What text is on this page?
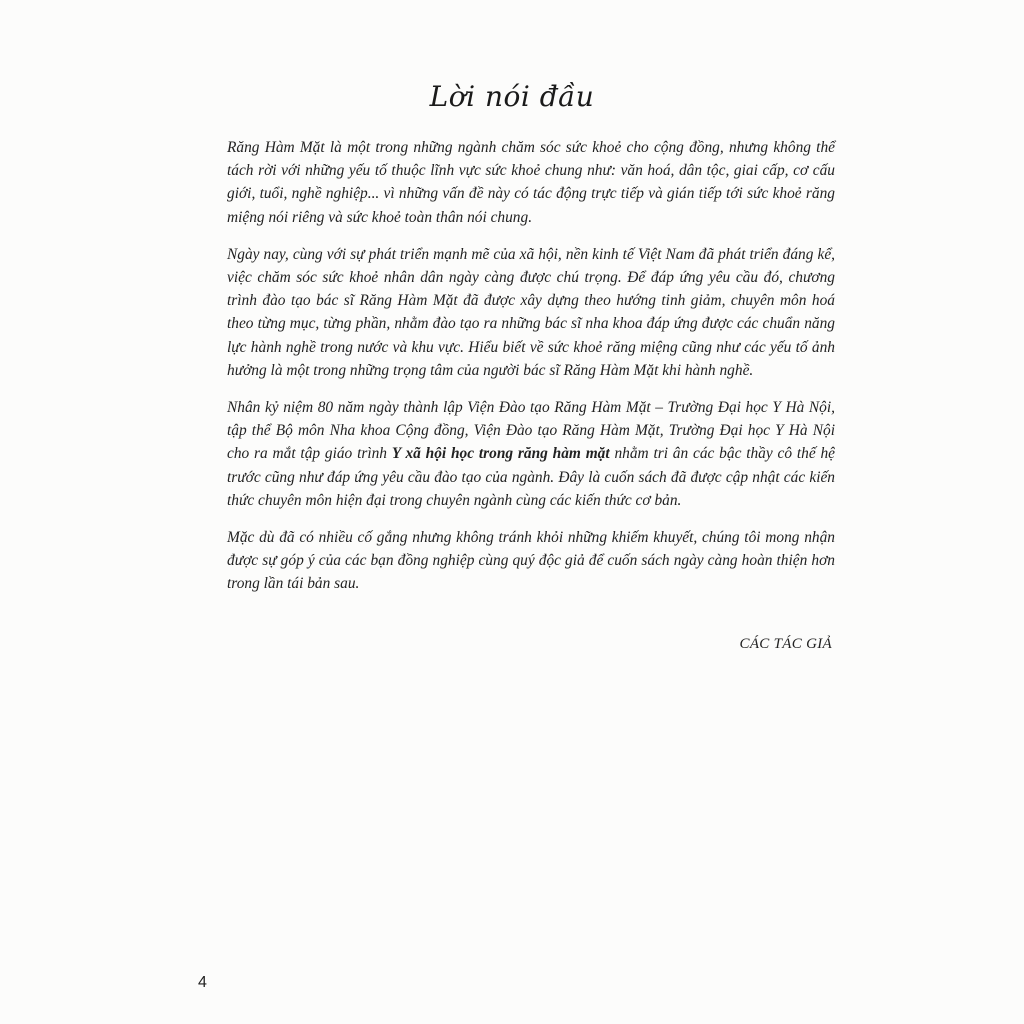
Lời nói đầu

Răng Hàm Mặt là một trong những ngành chăm sóc sức khoẻ cho cộng đồng, nhưng không thể tách rời với những yếu tố thuộc lĩnh vực sức khoẻ chung như: văn hoá, dân tộc, giai cấp, cơ cấu giới, tuổi, nghề nghiệp... vì những vấn đề này có tác động trực tiếp và gián tiếp tới sức khoẻ răng miệng nói riêng và sức khoẻ toàn thân nói chung.

Ngày nay, cùng với sự phát triển mạnh mẽ của xã hội, nền kinh tế Việt Nam đã phát triển đáng kể, việc chăm sóc sức khoẻ nhân dân ngày càng được chú trọng. Để đáp ứng yêu cầu đó, chương trình đào tạo bác sĩ Răng Hàm Mặt đã được xây dựng theo hướng tinh giảm, chuyên môn hoá theo từng mục, từng phần, nhằm đào tạo ra những bác sĩ nha khoa đáp ứng được các chuẩn năng lực hành nghề trong nước và khu vực. Hiểu biết về sức khoẻ răng miệng cũng như các yếu tố ảnh hưởng là một trong những trọng tâm của người bác sĩ Răng Hàm Mặt khi hành nghề.

Nhân kỷ niệm 80 năm ngày thành lập Viện Đào tạo Răng Hàm Mặt – Trường Đại học Y Hà Nội, tập thể Bộ môn Nha khoa Cộng đồng, Viện Đào tạo Răng Hàm Mặt, Trường Đại học Y Hà Nội cho ra mắt tập giáo trình Y xã hội học trong răng hàm mặt nhằm tri ân các bậc thầy cô thế hệ trước cũng như đáp ứng yêu cầu đào tạo của ngành. Đây là cuốn sách đã được cập nhật các kiến thức chuyên môn hiện đại trong chuyên ngành cùng các kiến thức cơ bản.

Mặc dù đã có nhiều cố gắng nhưng không tránh khỏi những khiếm khuyết, chúng tôi mong nhận được sự góp ý của các bạn đồng nghiệp cùng quý độc giả để cuốn sách ngày càng hoàn thiện hơn trong lần tái bản sau.

CÁC TÁC GIẢ
4
